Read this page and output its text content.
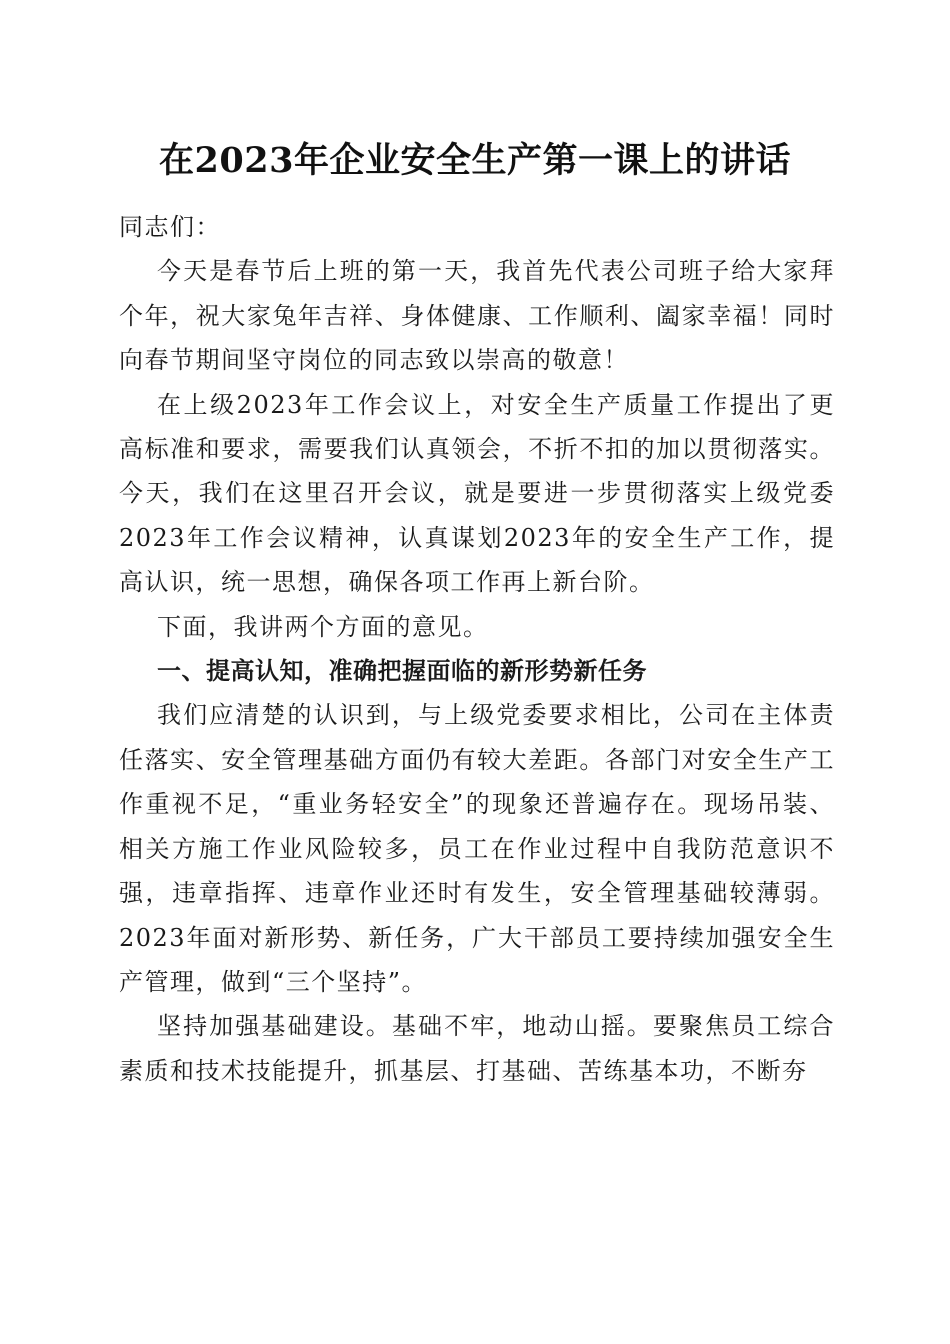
在2023年企业安全生产第一课上的讲话

同志们：

今天是春节后上班的第一天，我首先代表公司班子给大家拜个年，祝大家兔年吉祥、身体健康、工作顺利、阖家幸福！同时向春节期间坚守岗位的同志致以崇高的敬意！

在上级2023年工作会议上，对安全生产质量工作提出了更高标准和要求，需要我们认真领会，不折不扣的加以贯彻落实。今天，我们在这里召开会议，就是要进一步贯彻落实上级党委2023年工作会议精神，认真谋划2023年的安全生产工作，提高认识，统一思想，确保各项工作再上新台阶。

下面，我讲两个方面的意见。

一、提高认知，准确把握面临的新形势新任务

我们应清楚的认识到，与上级党委要求相比，公司在主体责任落实、安全管理基础方面仍有较大差距。各部门对安全生产工作重视不足，“重业务轻安全”的现象还普遍存在。现场吊装、相关方施工作业风险较多，员工在作业过程中自我防范意识不强，违章指挥、违章作业还时有发生，安全管理基础较薄弱。2023年面对新形势、新任务，广大干部员工要持续加强安全生产管理，做到“三个坚持”。

坚持加强基础建设。基础不牢，地动山摇。要聚焦员工综合素质和技术技能提升，抓基层、打基础、苦练基本功，不断夯
